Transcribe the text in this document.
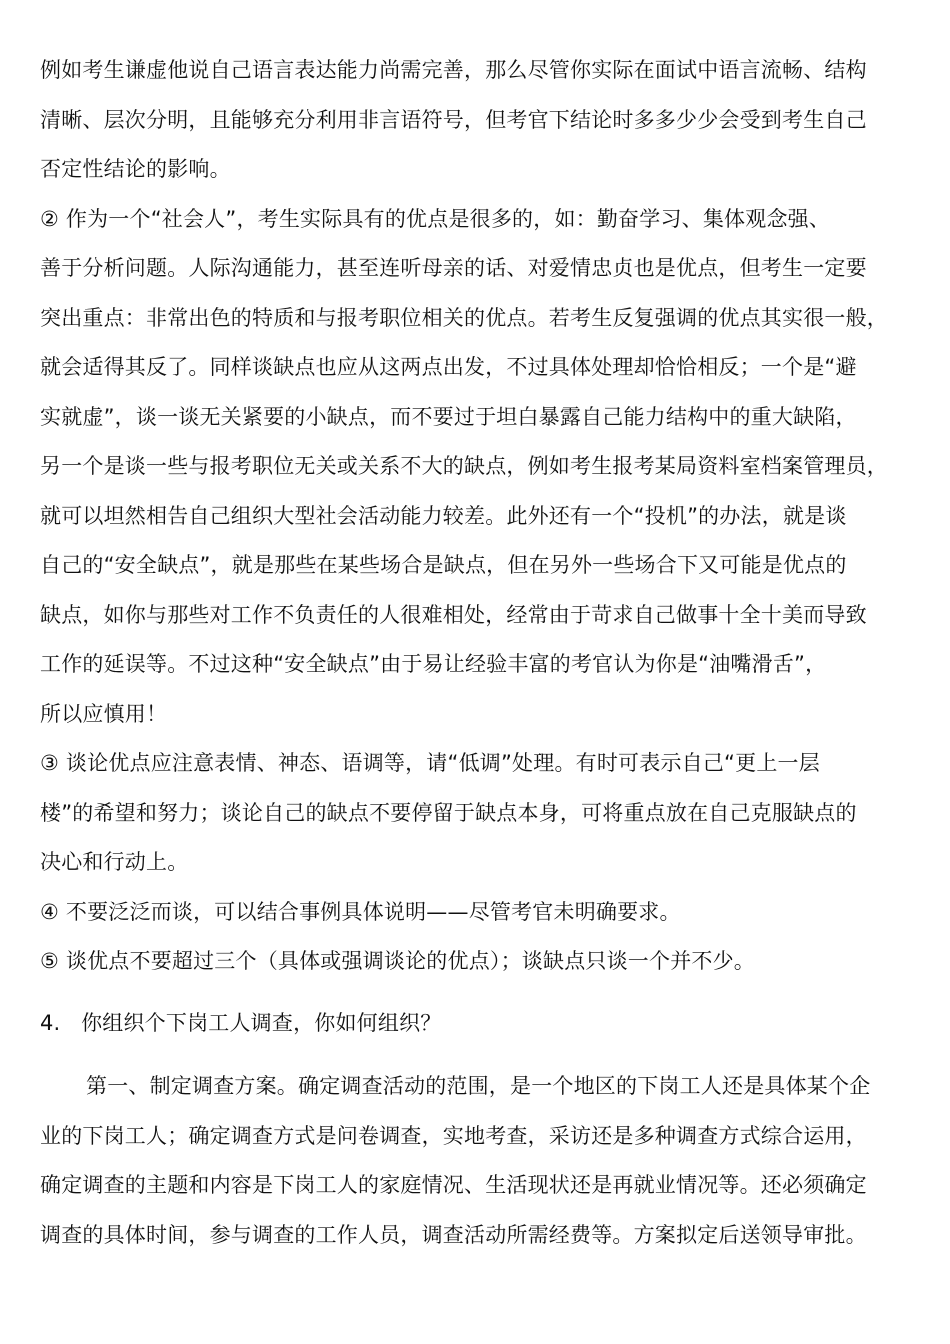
例如考生谦虚他说自己语言表达能力尚需完善，那么尽管你实际在面试中语言流畅、结构
清晰、层次分明，且能够充分利用非言语符号，但考官下结论时多多少少会受到考生自己
否定性结论的影响。
② 作为一个“社会人”，考生实际具有的优点是很多的，如：勤奋学习、集体观念强、
善于分析问题。人际沟通能力，甚至连听母亲的话、对爱情忠贞也是优点，但考生一定要
突出重点：非常出色的特质和与报考职位相关的优点。若考生反复强调的优点其实很一般，
就会适得其反了。同样谈缺点也应从这两点出发，不过具体处理却恰恰相反；一个是“避
实就虚”，谈一谈无关紧要的小缺点，而不要过于坦白暴露自己能力结构中的重大缺陷，
另一个是谈一些与报考职位无关或关系不大的缺点，例如考生报考某局资料室档案管理员，
就可以坦然相告自己组织大型社会活动能力较差。此外还有一个“投机”的办法，就是谈
自己的“安全缺点”，就是那些在某些场合是缺点，但在另外一些场合下又可能是优点的
缺点，如你与那些对工作不负责任的人很难相处，经常由于苛求自己做事十全十美而导致
工作的延误等。不过这种“安全缺点”由于易让经验丰富的考官认为你是“油嘴滑舌”，
所以应慎用！
③ 谈论优点应注意表情、神态、语调等，请“低调”处理。有时可表示自己“更上一层
楼”的希望和努力；谈论自己的缺点不要停留于缺点本身，可将重点放在自己克服缺点的
决心和行动上。
④ 不要泛泛而谈，可以结合事例具体说明——尽管考官未明确要求。
⑤ 谈优点不要超过三个（具体或强调谈论的优点）；谈缺点只谈一个并不少。
4. 你组织个下岗工人调查，你如何组织？
第一、制定调查方案。确定调查活动的范围，是一个地区的下岗工人还是具体某个企
业的下岗工人；确定调查方式是问卷调查，实地考查，采访还是多种调查方式综合运用，
确定调查的主题和内容是下岗工人的家庭情况、生活现状还是再就业情况等。还必须确定
调查的具体时间，参与调查的工作人员，调查活动所需经费等。方案拟定后送领导审批。
